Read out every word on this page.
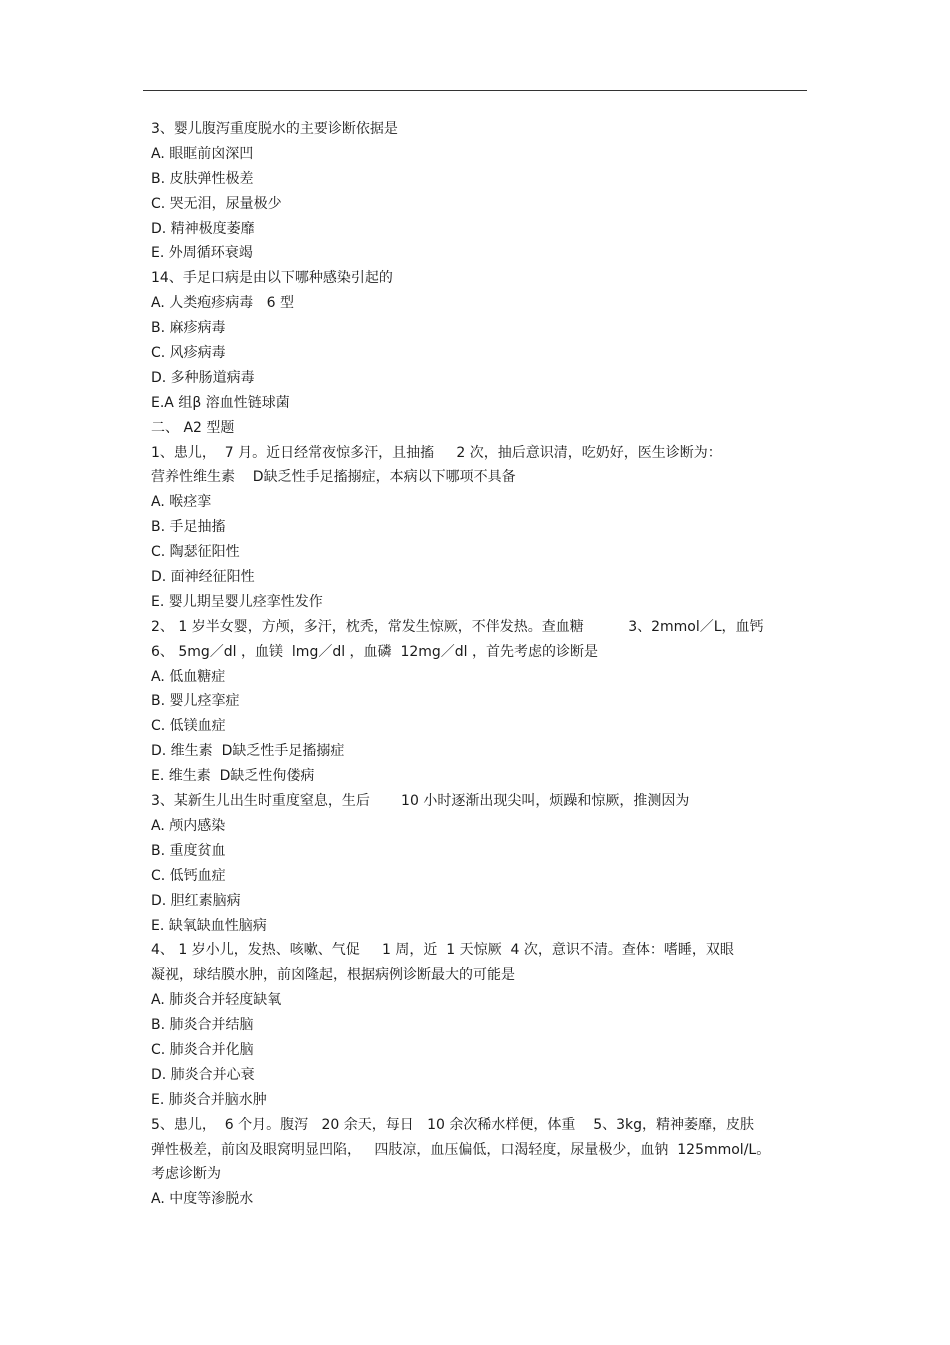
3、婴儿腹泻重度脱水的主要诊断依据是
A. 眼眶前囟深凹
B. 皮肤弹性极差
C. 哭无泪，尿量极少
D. 精神极度萎靡
E. 外周循环衰竭
14、手足口病是由以下哪种感染引起的
A. 人类疱疹病毒   6 型
B. 麻疹病毒
C. 风疹病毒
D. 多种肠道病毒
E.A 组β 溶血性链球菌
二、 A2 型题
1、患儿，  7 月。近日经常夜惊多汗，且抽搐     2 次，抽后意识清，吃奶好，医生诊断为：
营养性维生素    D缺乏性手足搐搦症，本病以下哪项不具备
A. 喉痉挛
B. 手足抽搐
C. 陶瑟征阳性
D. 面神经征阳性
E. 婴儿期呈婴儿痉挛性发作
2、 1 岁半女婴，方颅，多汗，枕秃，常发生惊厥，不伴发热。查血糖          3、2mmol／L，血钙
6、 5mg／dl ，血镁  lmg／dl ，血磷  12mg／dl ，首先考虑的诊断是
A. 低血糖症
B. 婴儿痉挛症
C. 低镁血症
D. 维生素  D缺乏性手足搐搦症
E. 维生素  D缺乏性佝偻病
3、某新生儿出生时重度窒息，生后       10 小时逐渐出现尖叫，烦躁和惊厥，推测因为
A. 颅内感染
B. 重度贫血
C. 低钙血症
D. 胆红素脑病
E. 缺氧缺血性脑病
4、 1 岁小儿，发热、咳嗽、气促     1 周，近  1 天惊厥  4 次，意识不清。查体：嗜睡，双眼
凝视，球结膜水肿，前囟隆起，根据病例诊断最大的可能是
A. 肺炎合并轻度缺氧
B. 肺炎合并结脑
C. 肺炎合并化脑
D. 肺炎合并心衰
E. 肺炎合并脑水肿
5、患儿，  6 个月。腹泻   20 余天，每日   10 余次稀水样便，体重    5、3kg，精神萎靡，皮肤
弹性极差，前囟及眼窝明显凹陷，   四肢凉，血压偏低，口渴轻度，尿量极少，血钠  125mmol/L。
考虑诊断为
A. 中度等渗脱水
